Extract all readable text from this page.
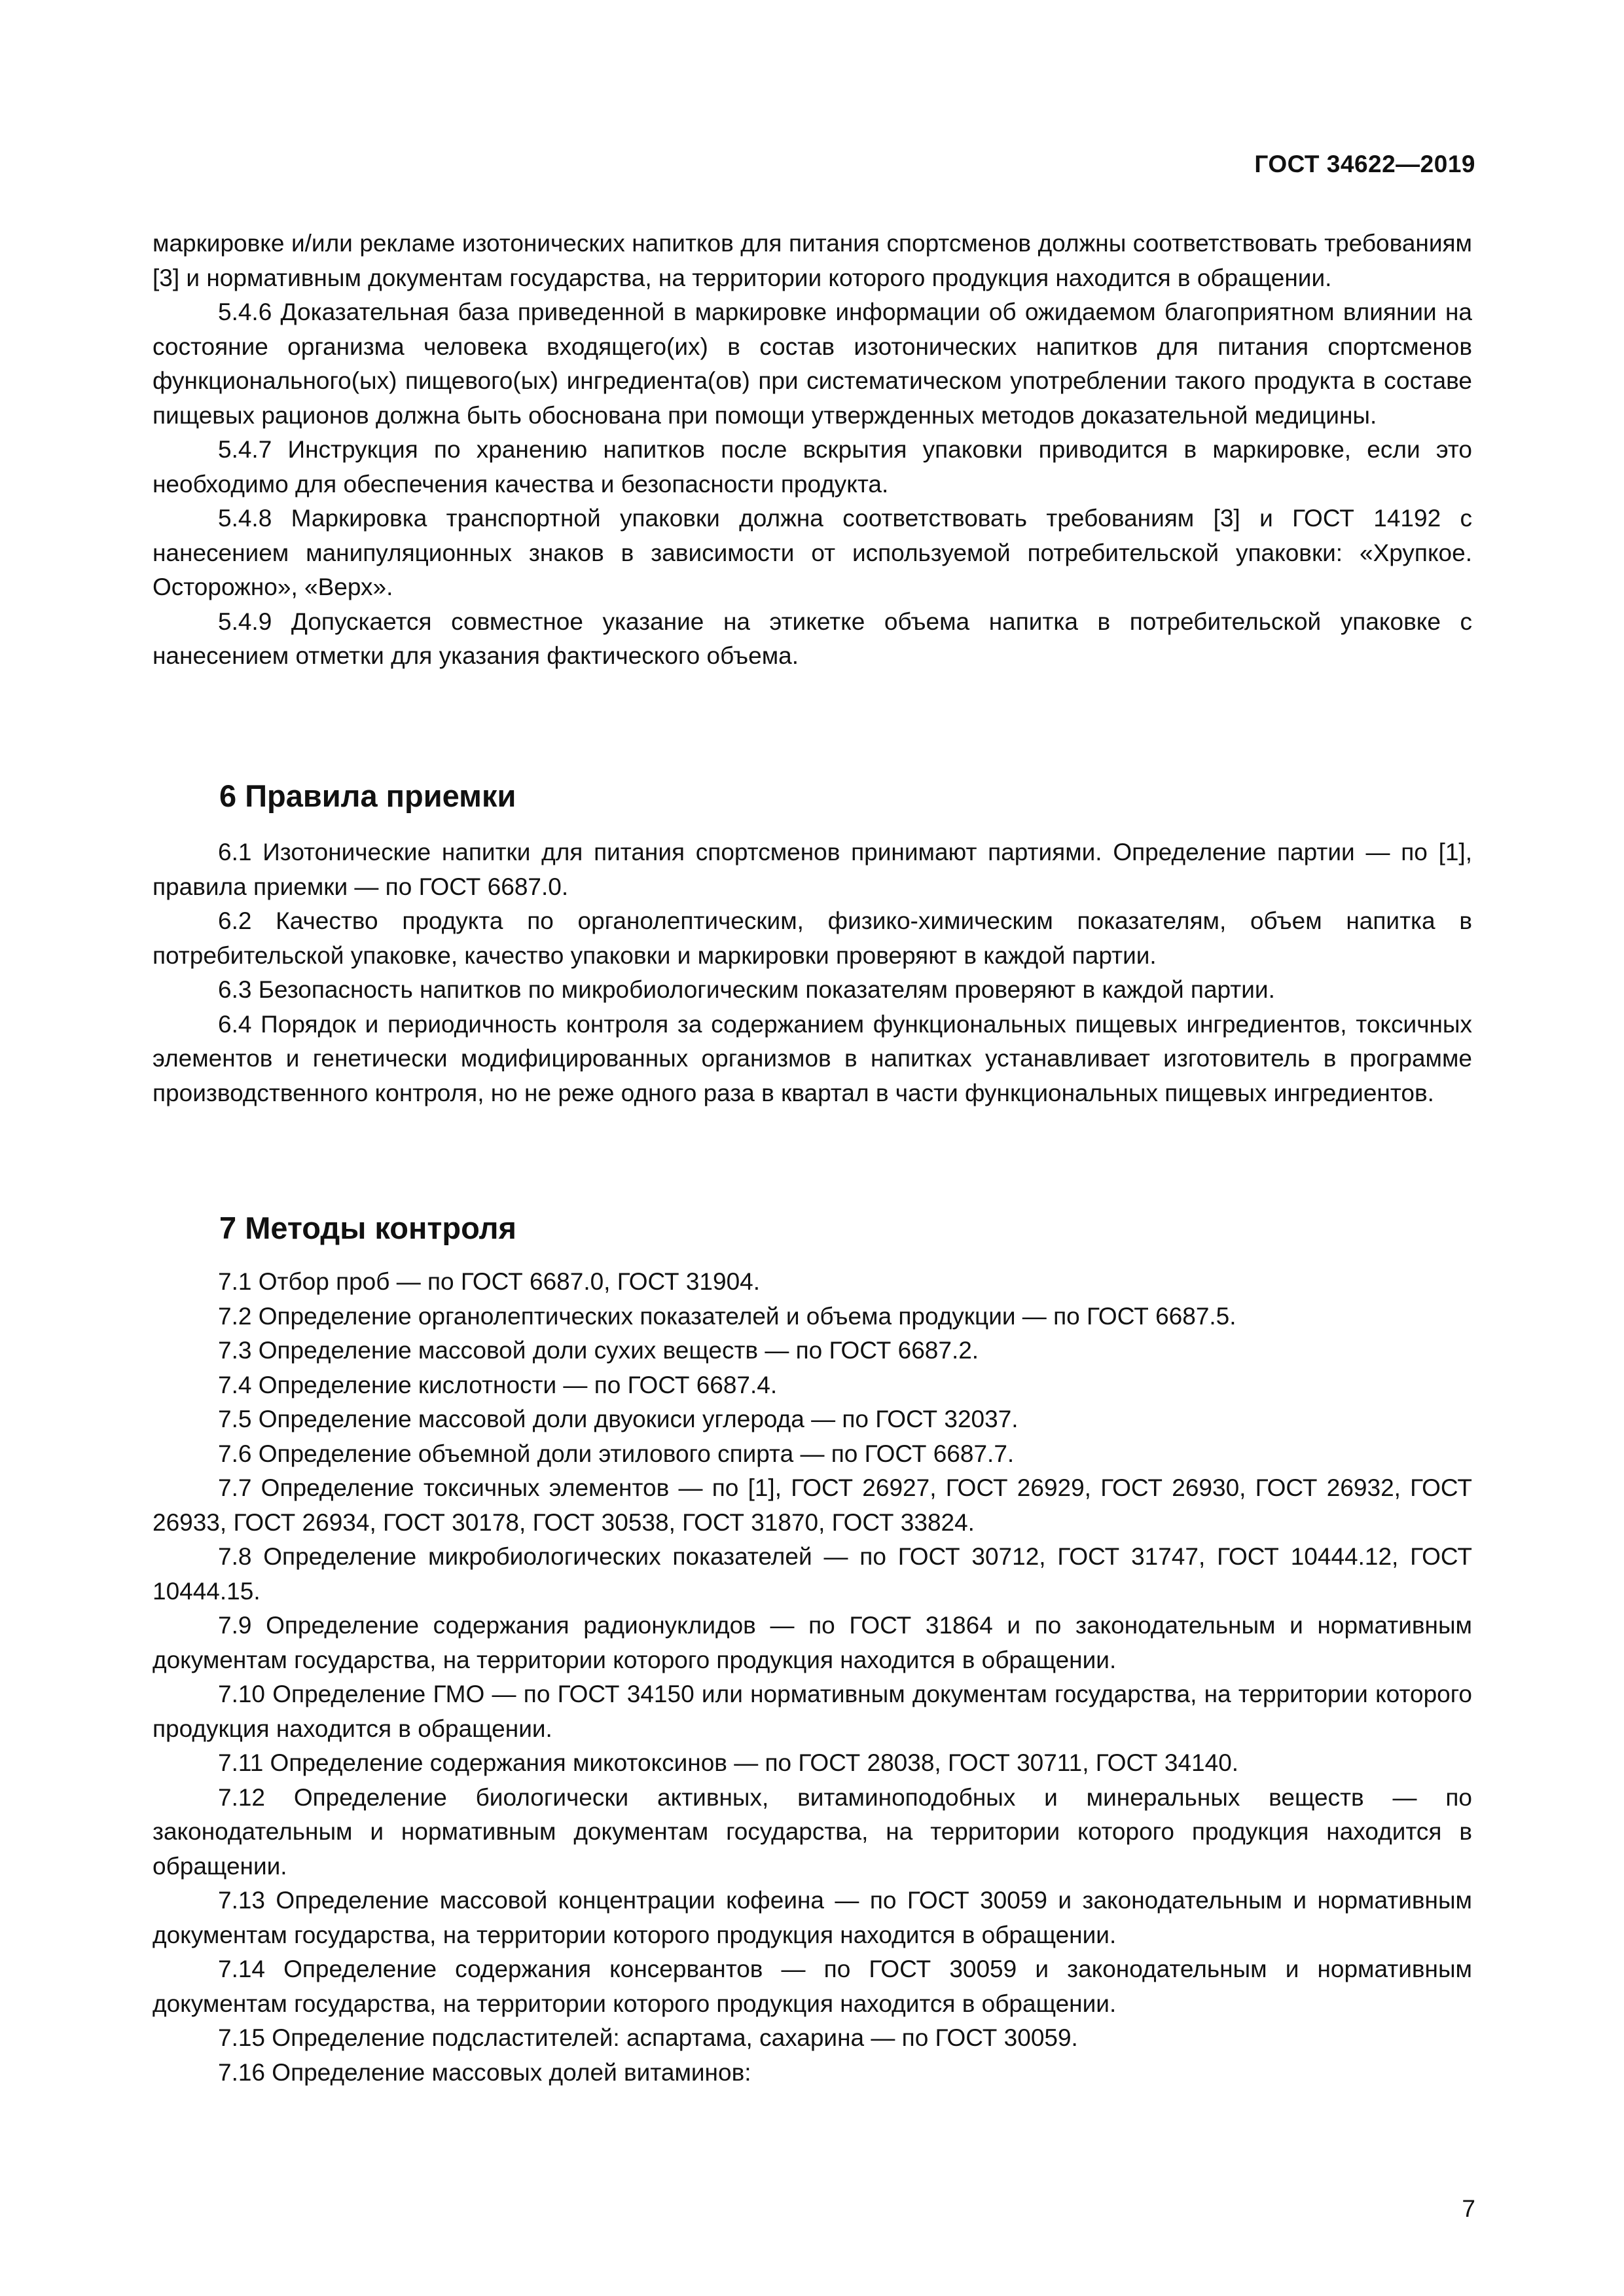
ГОСТ 34622—2019

маркировке и/или рекламе изотонических напитков для питания спортсменов должны соответствовать требованиям [3] и нормативным документам государства, на территории которого продукция находится в обращении.

5.4.6 Доказательная база приведенной в маркировке информации об ожидаемом благоприятном влиянии на состояние организма человека входящего(их) в состав изотонических напитков для питания спортсменов функционального(ых) пищевого(ых) ингредиента(ов) при систематическом употреблении такого продукта в составе пищевых рационов должна быть обоснована при помощи утвержденных методов доказательной медицины.

5.4.7 Инструкция по хранению напитков после вскрытия упаковки приводится в маркировке, если это необходимо для обеспечения качества и безопасности продукта.

5.4.8 Маркировка транспортной упаковки должна соответствовать требованиям [3] и ГОСТ 14192 с нанесением манипуляционных знаков в зависимости от используемой потребительской упаковки: «Хрупкое. Осторожно», «Верх».

5.4.9 Допускается совместное указание на этикетке объема напитка в потребительской упаковке с нанесением отметки для указания фактического объема.

6 Правила приемки

6.1 Изотонические напитки для питания спортсменов принимают партиями. Определение партии — по [1], правила приемки — по ГОСТ 6687.0.

6.2 Качество продукта по органолептическим, физико-химическим показателям, объем напитка в потребительской упаковке, качество упаковки и маркировки проверяют в каждой партии.

6.3 Безопасность напитков по микробиологическим показателям проверяют в каждой партии.

6.4 Порядок и периодичность контроля за содержанием функциональных пищевых ингредиентов, токсичных элементов и генетически модифицированных организмов в напитках устанавливает изготовитель в программе производственного контроля, но не реже одного раза в квартал в части функциональных пищевых ингредиентов.

7 Методы контроля

7.1 Отбор проб — по ГОСТ 6687.0, ГОСТ 31904.

7.2 Определение органолептических показателей и объема продукции — по ГОСТ 6687.5.

7.3 Определение массовой доли сухих веществ — по ГОСТ 6687.2.

7.4 Определение кислотности — по ГОСТ 6687.4.

7.5 Определение массовой доли двуокиси углерода — по ГОСТ 32037.

7.6 Определение объемной доли этилового спирта — по ГОСТ 6687.7.

7.7 Определение токсичных элементов — по [1], ГОСТ 26927, ГОСТ 26929, ГОСТ 26930, ГОСТ 26932, ГОСТ 26933, ГОСТ 26934, ГОСТ 30178, ГОСТ 30538, ГОСТ 31870, ГОСТ 33824.

7.8 Определение микробиологических показателей — по ГОСТ 30712, ГОСТ 31747, ГОСТ 10444.12, ГОСТ 10444.15.

7.9 Определение содержания радионуклидов — по ГОСТ 31864 и по законодательным и нормативным документам государства, на территории которого продукция находится в обращении.

7.10 Определение ГМО — по ГОСТ 34150 или нормативным документам государства, на территории которого продукция находится в обращении.

7.11 Определение содержания микотоксинов — по ГОСТ 28038, ГОСТ 30711, ГОСТ 34140.

7.12 Определение биологически активных, витаминоподобных и минеральных веществ — по законодательным и нормативным документам государства, на территории которого продукция находится в обращении.

7.13 Определение массовой концентрации кофеина — по ГОСТ 30059 и законодательным и нормативным документам государства, на территории которого продукция находится в обращении.

7.14 Определение содержания консервантов — по ГОСТ 30059 и законодательным и нормативным документам государства, на территории которого продукция находится в обращении.

7.15 Определение подсластителей: аспартама, сахарина — по ГОСТ 30059.

7.16 Определение массовых долей витаминов:

7
